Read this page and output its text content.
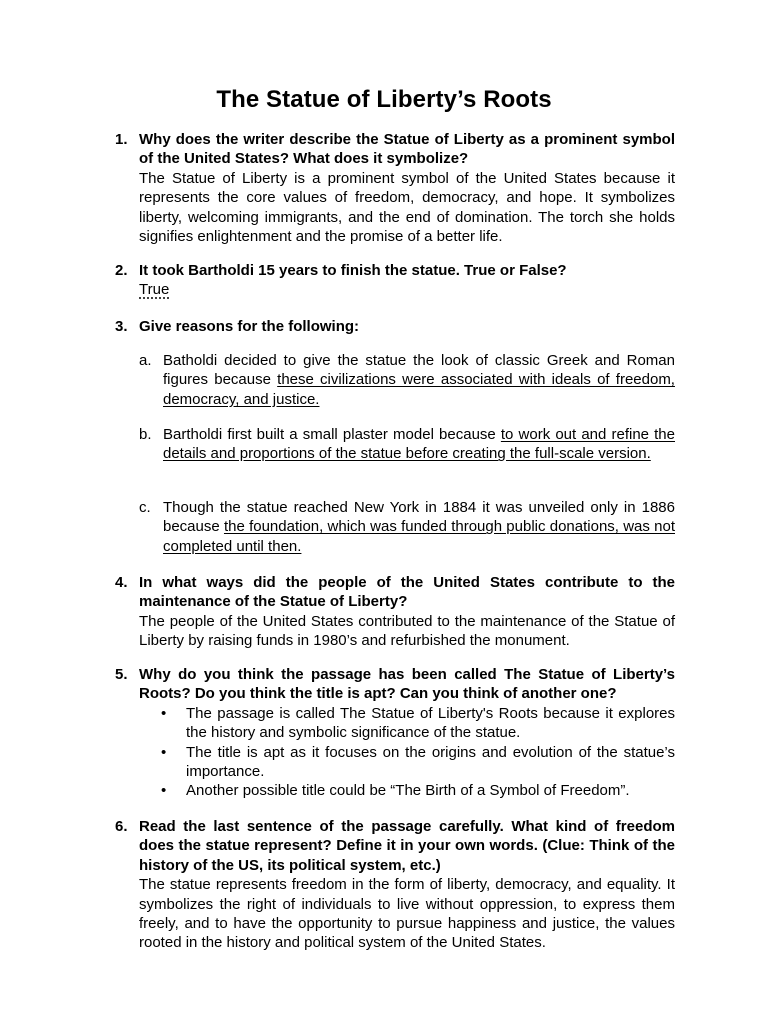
The Statue of Liberty’s Roots
1. Why does the writer describe the Statue of Liberty as a prominent symbol of the United States? What does it symbolize?
The Statue of Liberty is a prominent symbol of the United States because it represents the core values of freedom, democracy, and hope. It symbolizes liberty, welcoming immigrants, and the end of domination. The torch she holds signifies enlightenment and the promise of a better life.
2. It took Bartholdi 15 years to finish the statue. True or False?
True
3. Give reasons for the following:
a. Batholdi decided to give the statue the look of classic Greek and Roman figures because these civilizations were associated with ideals of freedom, democracy, and justice.
b. Bartholdi first built a small plaster model because to work out and refine the details and proportions of the statue before creating the full-scale version.
c. Though the statue reached New York in 1884 it was unveiled only in 1886 because the foundation, which was funded through public donations, was not completed until then.
4. In what ways did the people of the United States contribute to the maintenance of the Statue of Liberty?
The people of the United States contributed to the maintenance of the Statue of Liberty by raising funds in 1980’s and refurbished the monument.
5. Why do you think the passage has been called The Statue of Liberty’s Roots? Do you think the title is apt? Can you think of another one?
• The passage is called The Statue of Liberty's Roots because it explores the history and symbolic significance of the statue.
• The title is apt as it focuses on the origins and evolution of the statue’s importance.
• Another possible title could be “The Birth of a Symbol of Freedom”.
6. Read the last sentence of the passage carefully. What kind of freedom does the statue represent? Define it in your own words. (Clue: Think of the history of the US, its political system, etc.)
The statue represents freedom in the form of liberty, democracy, and equality. It symbolizes the right of individuals to live without oppression, to express them freely, and to have the opportunity to pursue happiness and justice, the values rooted in the history and political system of the United States.
